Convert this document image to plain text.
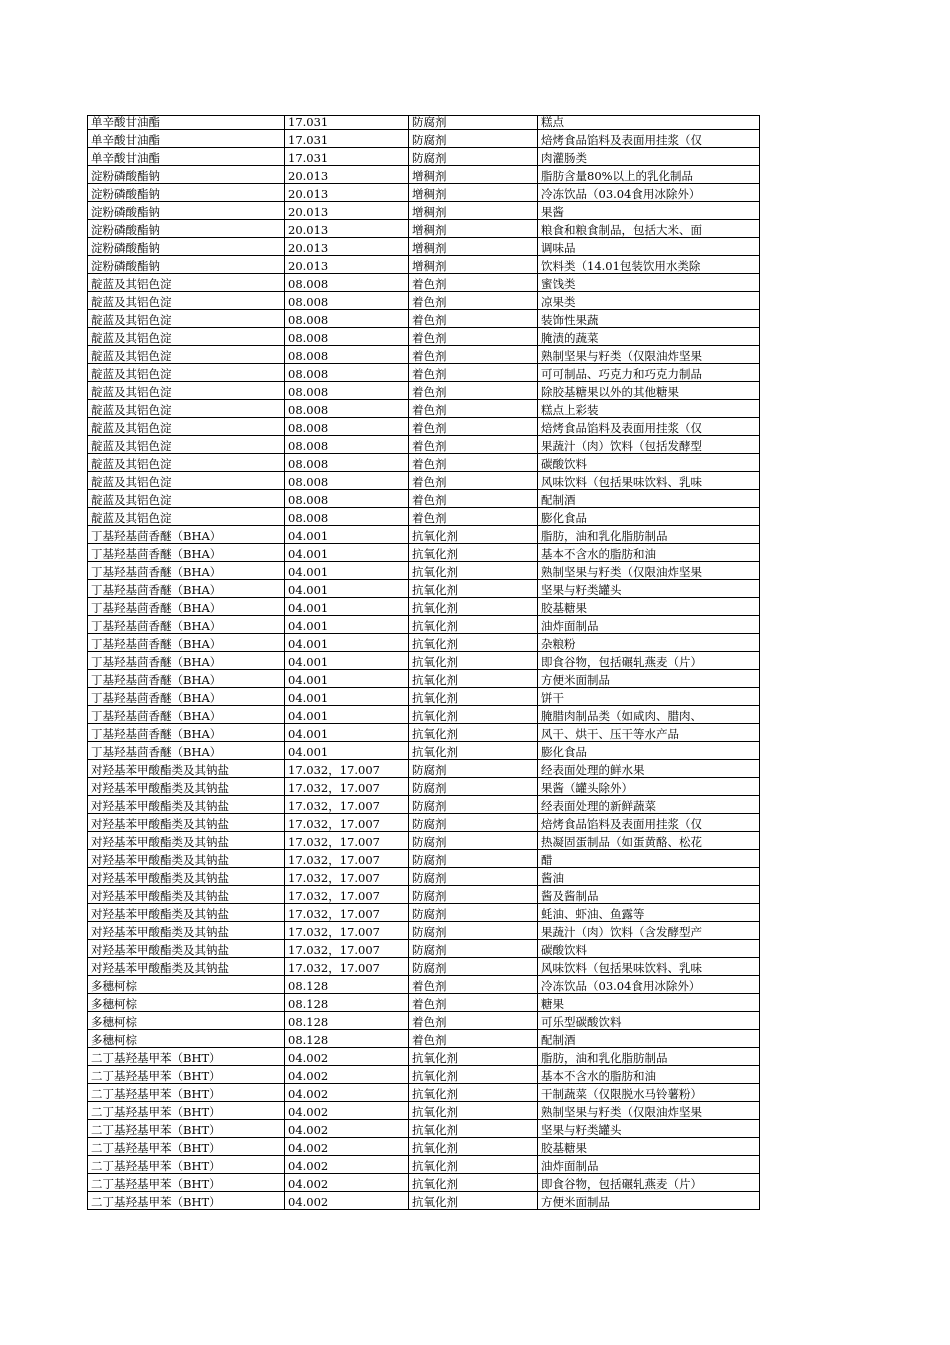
单辛酸甘油酯	17.031	防腐剂	糕点
单辛酸甘油酯	17.031	防腐剂	焙烤食品馅料及表面用挂浆（仅
单辛酸甘油酯	17.031	防腐剂	肉灌肠类
淀粉磷酸酯钠	20.013	增稠剂	脂肪含量80%以上的乳化制品
淀粉磷酸酯钠	20.013	增稠剂	冷冻饮品（03.04食用冰除外）
淀粉磷酸酯钠	20.013	增稠剂	果酱
淀粉磷酸酯钠	20.013	增稠剂	粮食和粮食制品，包括大米、面
淀粉磷酸酯钠	20.013	增稠剂	调味品
淀粉磷酸酯钠	20.013	增稠剂	饮料类（14.01包装饮用水类除
靛蓝及其铝色淀	08.008	着色剂	蜜饯类
靛蓝及其铝色淀	08.008	着色剂	凉果类
靛蓝及其铝色淀	08.008	着色剂	装饰性果蔬
靛蓝及其铝色淀	08.008	着色剂	腌渍的蔬菜
靛蓝及其铝色淀	08.008	着色剂	熟制坚果与籽类（仅限油炸坚果
靛蓝及其铝色淀	08.008	着色剂	可可制品、巧克力和巧克力制品
靛蓝及其铝色淀	08.008	着色剂	除胶基糖果以外的其他糖果
靛蓝及其铝色淀	08.008	着色剂	糕点上彩装
靛蓝及其铝色淀	08.008	着色剂	焙烤食品馅料及表面用挂浆（仅
靛蓝及其铝色淀	08.008	着色剂	果蔬汁（肉）饮料（包括发酵型
靛蓝及其铝色淀	08.008	着色剂	碳酸饮料
靛蓝及其铝色淀	08.008	着色剂	风味饮料（包括果味饮料、乳味
靛蓝及其铝色淀	08.008	着色剂	配制酒
靛蓝及其铝色淀	08.008	着色剂	膨化食品
丁基羟基茴香醚（BHA）	04.001	抗氧化剂	脂肪，油和乳化脂肪制品
丁基羟基茴香醚（BHA）	04.001	抗氧化剂	基本不含水的脂肪和油
丁基羟基茴香醚（BHA）	04.001	抗氧化剂	熟制坚果与籽类（仅限油炸坚果
丁基羟基茴香醚（BHA）	04.001	抗氧化剂	坚果与籽类罐头
丁基羟基茴香醚（BHA）	04.001	抗氧化剂	胶基糖果
丁基羟基茴香醚（BHA）	04.001	抗氧化剂	油炸面制品
丁基羟基茴香醚（BHA）	04.001	抗氧化剂	杂粮粉
丁基羟基茴香醚（BHA）	04.001	抗氧化剂	即食谷物，包括碾轧燕麦（片）
丁基羟基茴香醚（BHA）	04.001	抗氧化剂	方便米面制品
丁基羟基茴香醚（BHA）	04.001	抗氧化剂	饼干
丁基羟基茴香醚（BHA）	04.001	抗氧化剂	腌腊肉制品类（如咸肉、腊肉、
丁基羟基茴香醚（BHA）	04.001	抗氧化剂	风干、烘干、压干等水产品
丁基羟基茴香醚（BHA）	04.001	抗氧化剂	膨化食品
对羟基苯甲酸酯类及其钠盐	17.032，17.007	防腐剂	经表面处理的鲜水果
对羟基苯甲酸酯类及其钠盐	17.032，17.007	防腐剂	果酱（罐头除外）
对羟基苯甲酸酯类及其钠盐	17.032，17.007	防腐剂	经表面处理的新鲜蔬菜
对羟基苯甲酸酯类及其钠盐	17.032，17.007	防腐剂	焙烤食品馅料及表面用挂浆（仅
对羟基苯甲酸酯类及其钠盐	17.032，17.007	防腐剂	热凝固蛋制品（如蛋黄酪、松花
对羟基苯甲酸酯类及其钠盐	17.032，17.007	防腐剂	醋
对羟基苯甲酸酯类及其钠盐	17.032，17.007	防腐剂	酱油
对羟基苯甲酸酯类及其钠盐	17.032，17.007	防腐剂	酱及酱制品
对羟基苯甲酸酯类及其钠盐	17.032，17.007	防腐剂	蚝油、虾油、鱼露等
对羟基苯甲酸酯类及其钠盐	17.032，17.007	防腐剂	果蔬汁（肉）饮料（含发酵型产
对羟基苯甲酸酯类及其钠盐	17.032，17.007	防腐剂	碳酸饮料
对羟基苯甲酸酯类及其钠盐	17.032，17.007	防腐剂	风味饮料（包括果味饮料、乳味
多穗柯棕	08.128	着色剂	冷冻饮品（03.04食用冰除外）
多穗柯棕	08.128	着色剂	糖果
多穗柯棕	08.128	着色剂	可乐型碳酸饮料
多穗柯棕	08.128	着色剂	配制酒
二丁基羟基甲苯（BHT）	04.002	抗氧化剂	脂肪，油和乳化脂肪制品
二丁基羟基甲苯（BHT）	04.002	抗氧化剂	基本不含水的脂肪和油
二丁基羟基甲苯（BHT）	04.002	抗氧化剂	干制蔬菜（仅限脱水马铃薯粉）
二丁基羟基甲苯（BHT）	04.002	抗氧化剂	熟制坚果与籽类（仅限油炸坚果
二丁基羟基甲苯（BHT）	04.002	抗氧化剂	坚果与籽类罐头
二丁基羟基甲苯（BHT）	04.002	抗氧化剂	胶基糖果
二丁基羟基甲苯（BHT）	04.002	抗氧化剂	油炸面制品
二丁基羟基甲苯（BHT）	04.002	抗氧化剂	即食谷物，包括碾轧燕麦（片）
二丁基羟基甲苯（BHT）	04.002	抗氧化剂	方便米面制品
